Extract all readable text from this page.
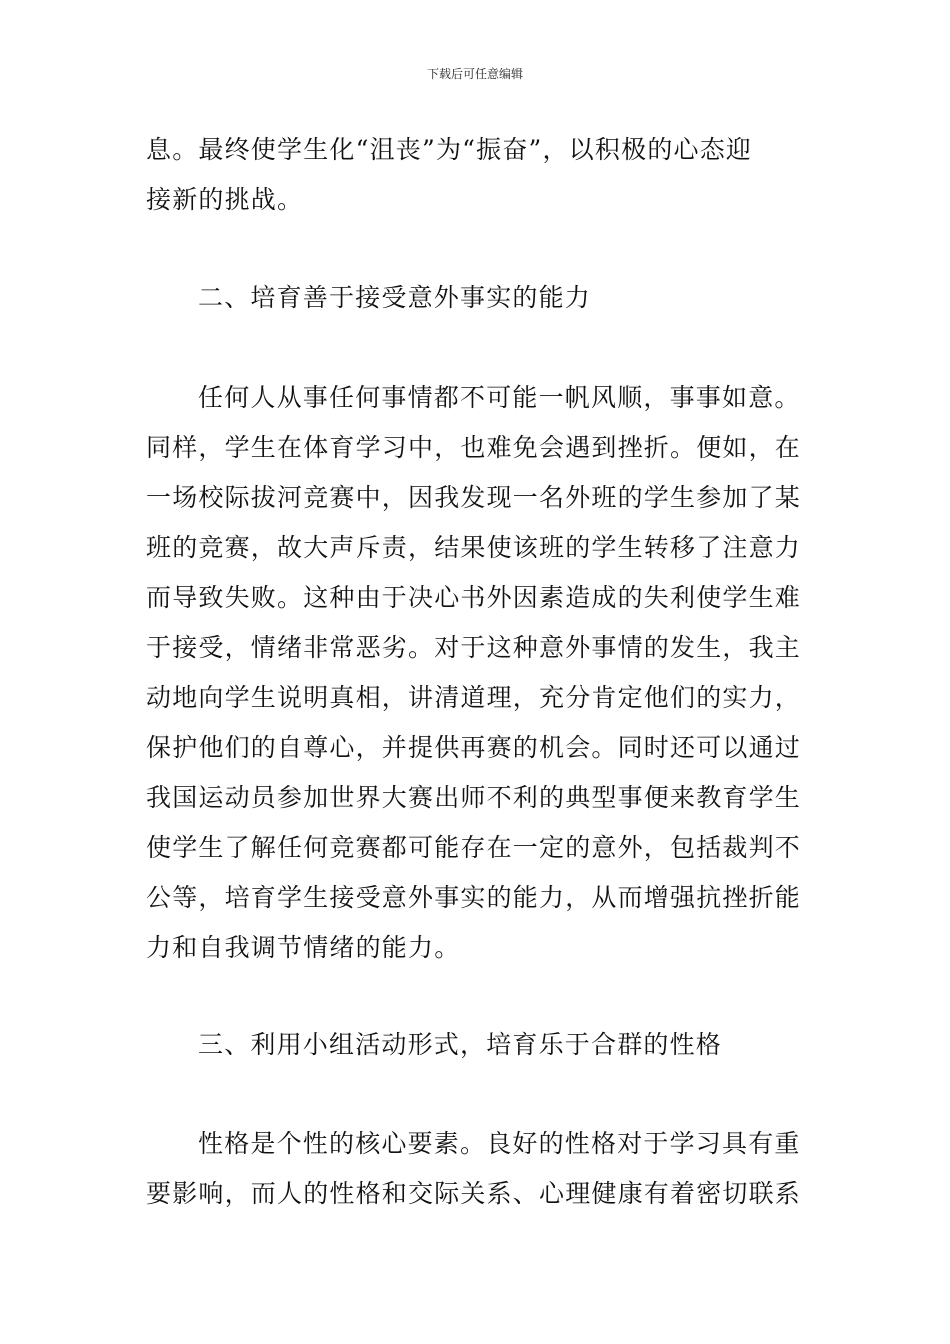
下载后可任意编辑
息。最终使学生化“沮丧”为“振奋”，以积极的心态迎
接新的挑战。
二、培育善于接受意外事实的能力
任何人从事任何事情都不可能一帆风顺，事事如意。
同样，学生在体育学习中，也难免会遇到挫折。便如，在
一场校际拔河竞赛中，因我发现一名外班的学生参加了某
班的竞赛，故大声斥责，结果使该班的学生转移了注意力
而导致失败。这种由于决心书外因素造成的失利使学生难
于接受，情绪非常恶劣。对于这种意外事情的发生，我主
动地向学生说明真相，讲清道理，充分肯定他们的实力，
保护他们的自尊心，并提供再赛的机会。同时还可以通过
我国运动员参加世界大赛出师不利的典型事便来教育学生
使学生了解任何竞赛都可能存在一定的意外，包括裁判不
公等，培育学生接受意外事实的能力，从而增强抗挫折能
力和自我调节情绪的能力。
三、利用小组活动形式，培育乐于合群的性格
性格是个性的核心要素。良好的性格对于学习具有重
要影响，而人的性格和交际关系、心理健康有着密切联系
